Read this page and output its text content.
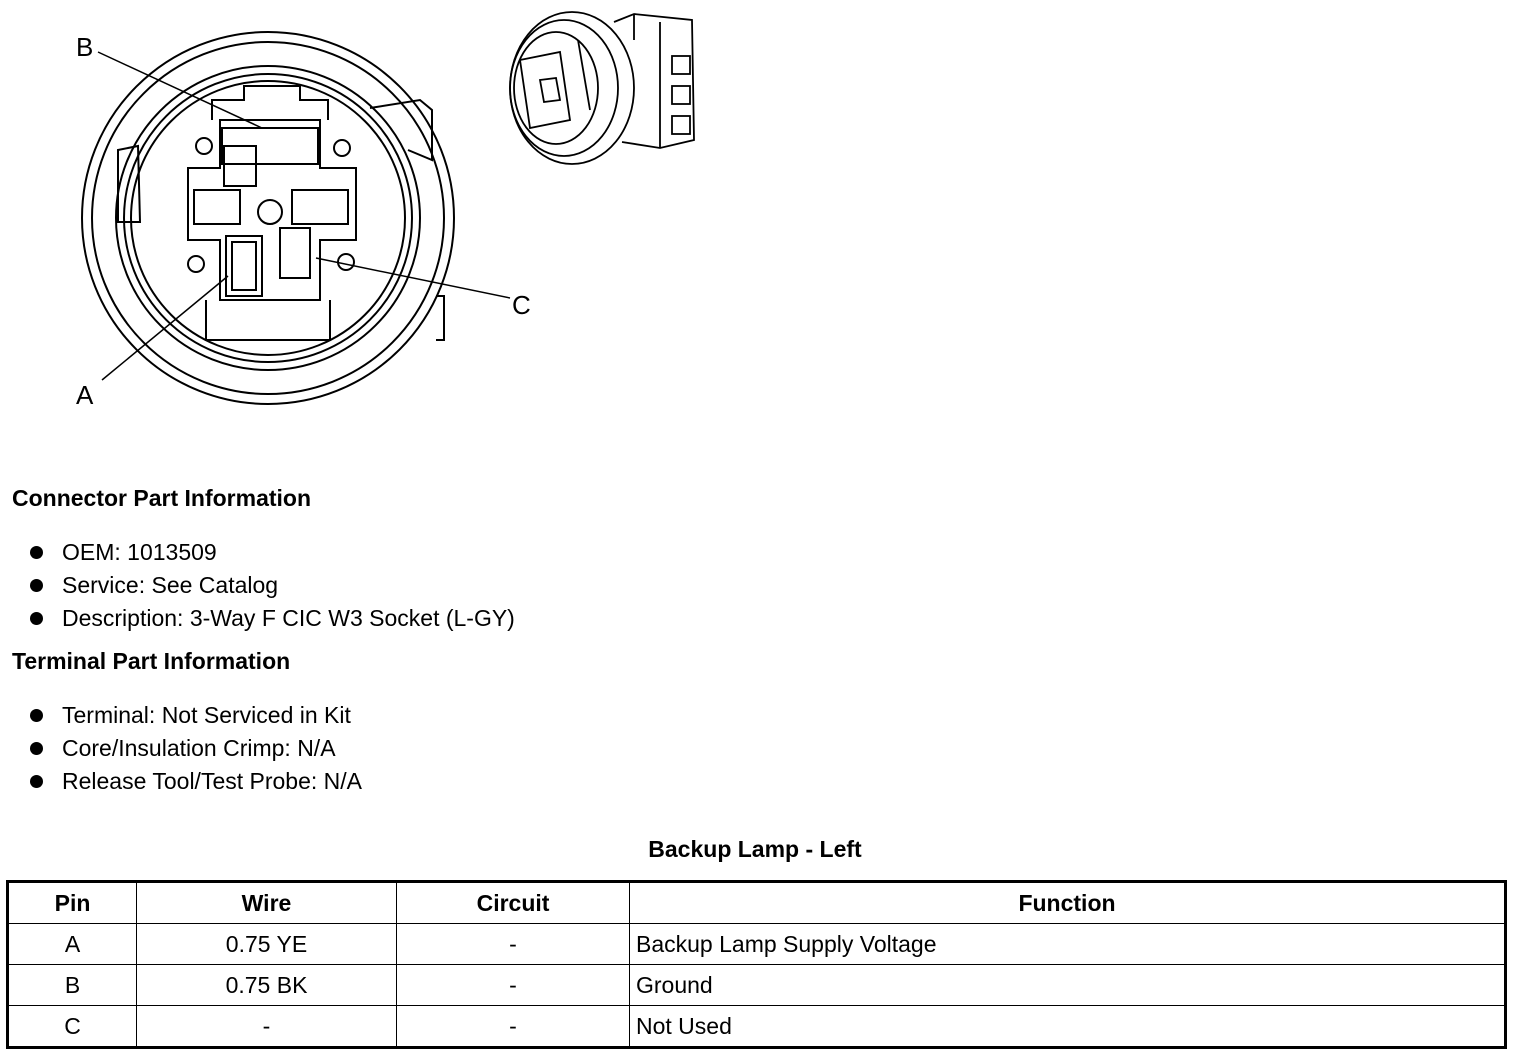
B
A
C
Connector Part Information
OEM: 1013509
Service: See Catalog
Description: 3-Way F CIC W3 Socket (L-GY)
Terminal Part Information
Terminal: Not Serviced in Kit
Core/Insulation Crimp: N/A
Release Tool/Test Probe: N/A
Backup Lamp - Left
Pin	Wire	Circuit	Function
A	0.75 YE	-	Backup Lamp Supply Voltage
B	0.75 BK	-	Ground
C	-	-	Not Used
